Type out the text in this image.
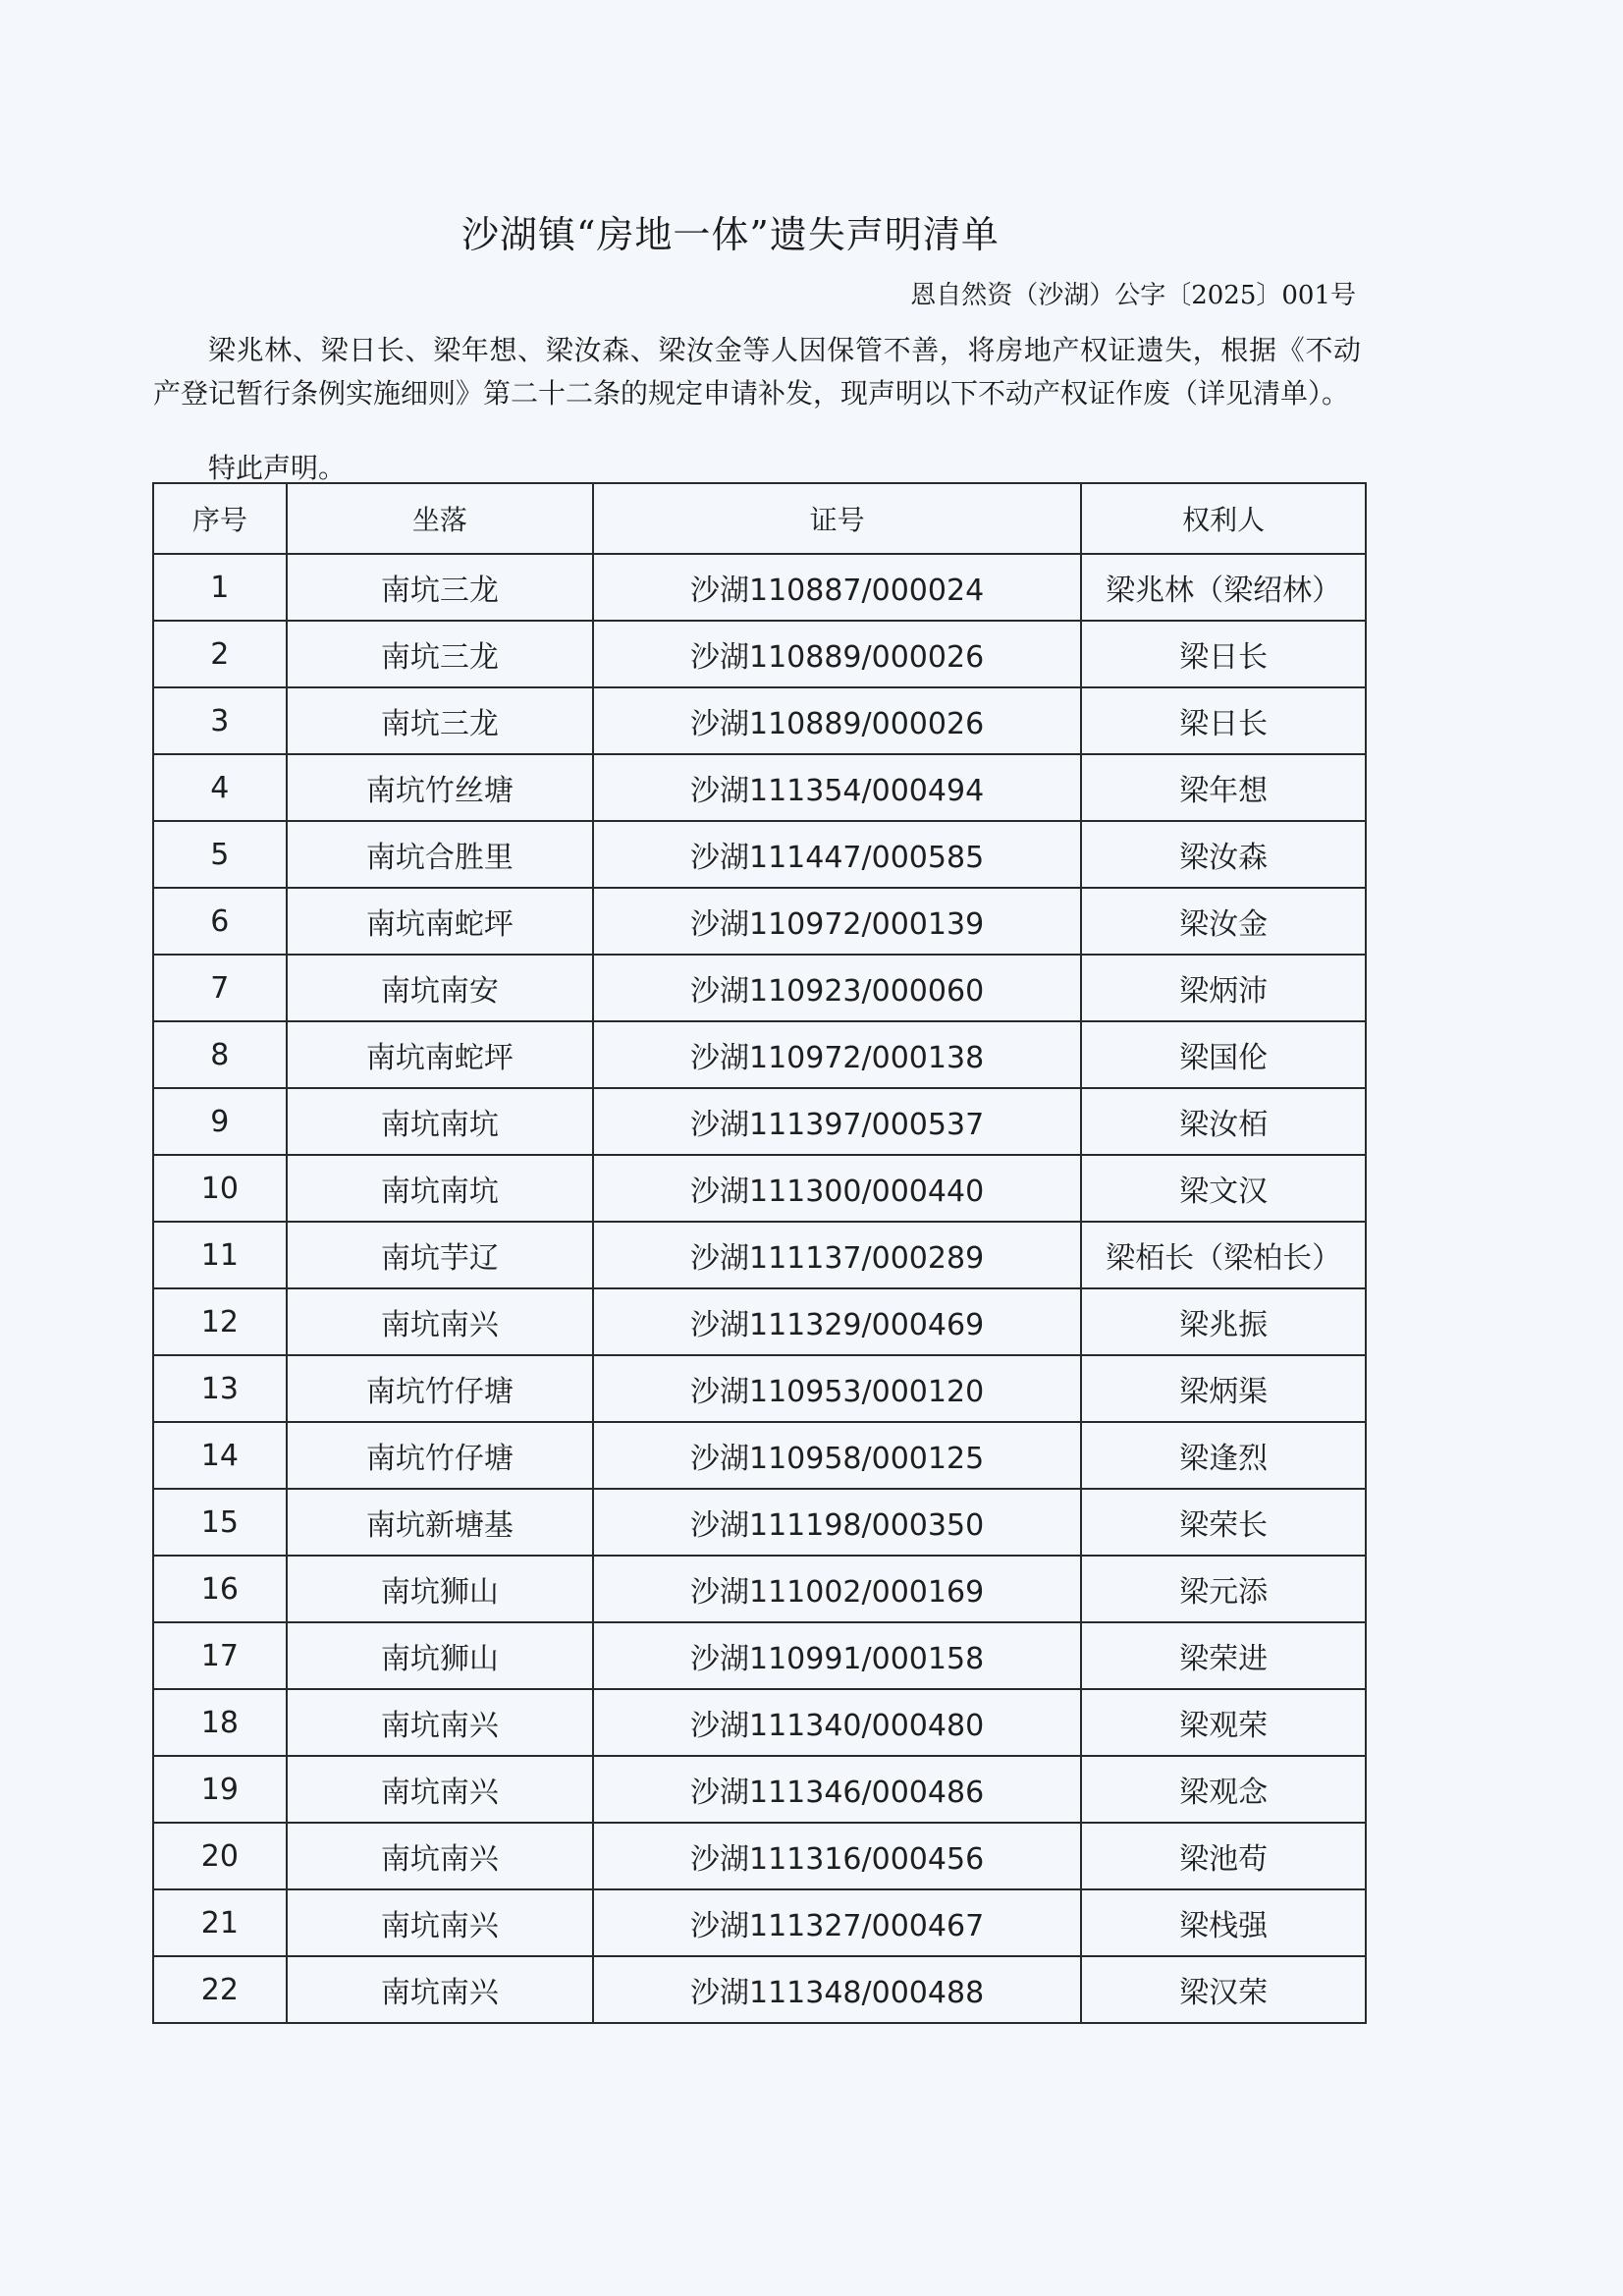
沙湖镇“房地一体”遗失声明清单
恩自然资（沙湖）公字〔2025〕001号

梁兆林、梁日长、梁年想、梁汝森、梁汝金等人因保管不善，将房地产权证遗失，根据《不动产登记暂行条例实施细则》第二十二条的规定申请补发，现声明以下不动产权证作废（详见清单）。

特此声明。
序号	坐落	证号	权利人
1	南坑三龙	沙湖110887/000024	梁兆林（梁绍林）
2	南坑三龙	沙湖110889/000026	梁日长
3	南坑三龙	沙湖110889/000026	梁日长
4	南坑竹丝塘	沙湖111354/000494	梁年想
5	南坑合胜里	沙湖111447/000585	梁汝森
6	南坑南蛇坪	沙湖110972/000139	梁汝金
7	南坑南安	沙湖110923/000060	梁炳沛
8	南坑南蛇坪	沙湖110972/000138	梁国伦
9	南坑南坑	沙湖111397/000537	梁汝栢
10	南坑南坑	沙湖111300/000440	梁文汉
11	南坑芋辽	沙湖111137/000289	梁栢长（梁柏长）
12	南坑南兴	沙湖111329/000469	梁兆振
13	南坑竹仔塘	沙湖110953/000120	梁炳渠
14	南坑竹仔塘	沙湖110958/000125	梁逢烈
15	南坑新塘基	沙湖111198/000350	梁荣长
16	南坑狮山	沙湖111002/000169	梁元添
17	南坑狮山	沙湖110991/000158	梁荣进
18	南坑南兴	沙湖111340/000480	梁观荣
19	南坑南兴	沙湖111346/000486	梁观念
20	南坑南兴	沙湖111316/000456	梁池苟
21	南坑南兴	沙湖111327/000467	梁栈强
22	南坑南兴	沙湖111348/000488	梁汉荣
